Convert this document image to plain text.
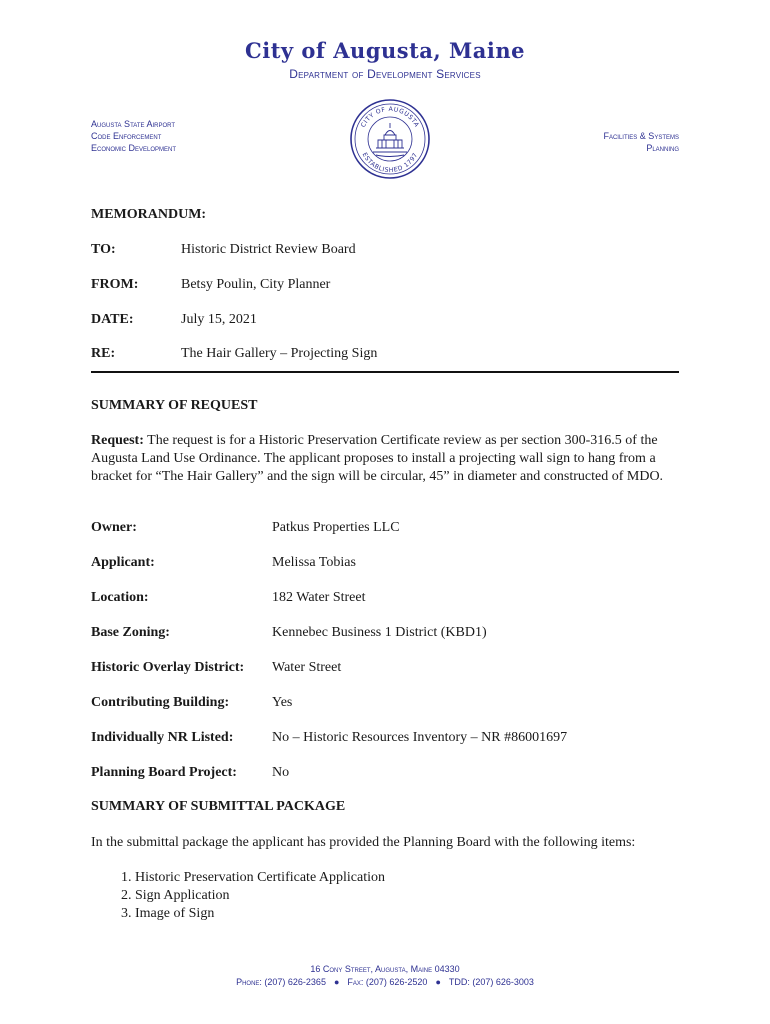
City of Augusta, Maine
Department of Development Services
Augusta State Airport
Code Enforcement
Economic Development
CITY OF AUGUSTA
ESTABLISHED 1797
Facilities & Systems
Planning
MEMORANDUM:
TO:	Historic District Review Board
FROM:	Betsy Poulin, City Planner
DATE:	July 15, 2021
RE:	The Hair Gallery – Projecting Sign
SUMMARY OF REQUEST
Request: The request is for a Historic Preservation Certificate review as per section 300-316.5 of the Augusta Land Use Ordinance. The applicant proposes to install a projecting wall sign to hang from a bracket for “The Hair Gallery” and the sign will be circular, 45” in diameter and constructed of MDO.
Owner:	Patkus Properties LLC
Applicant:	Melissa Tobias
Location:	182 Water Street
Base Zoning:	Kennebec Business 1 District (KBD1)
Historic Overlay District: Water Street
Contributing Building:	Yes
Individually NR Listed:	No – Historic Resources Inventory – NR #86001697
Planning Board Project:	No
SUMMARY OF SUBMITTAL PACKAGE
In the submittal package the applicant has provided the Planning Board with the following items:
1. Historic Preservation Certificate Application
2. Sign Application
3. Image of Sign
16 Cony Street, Augusta, Maine 04330
Phone: (207) 626-2365 ● Fax: (207) 626-2520 ● TDD: (207) 626-3003
